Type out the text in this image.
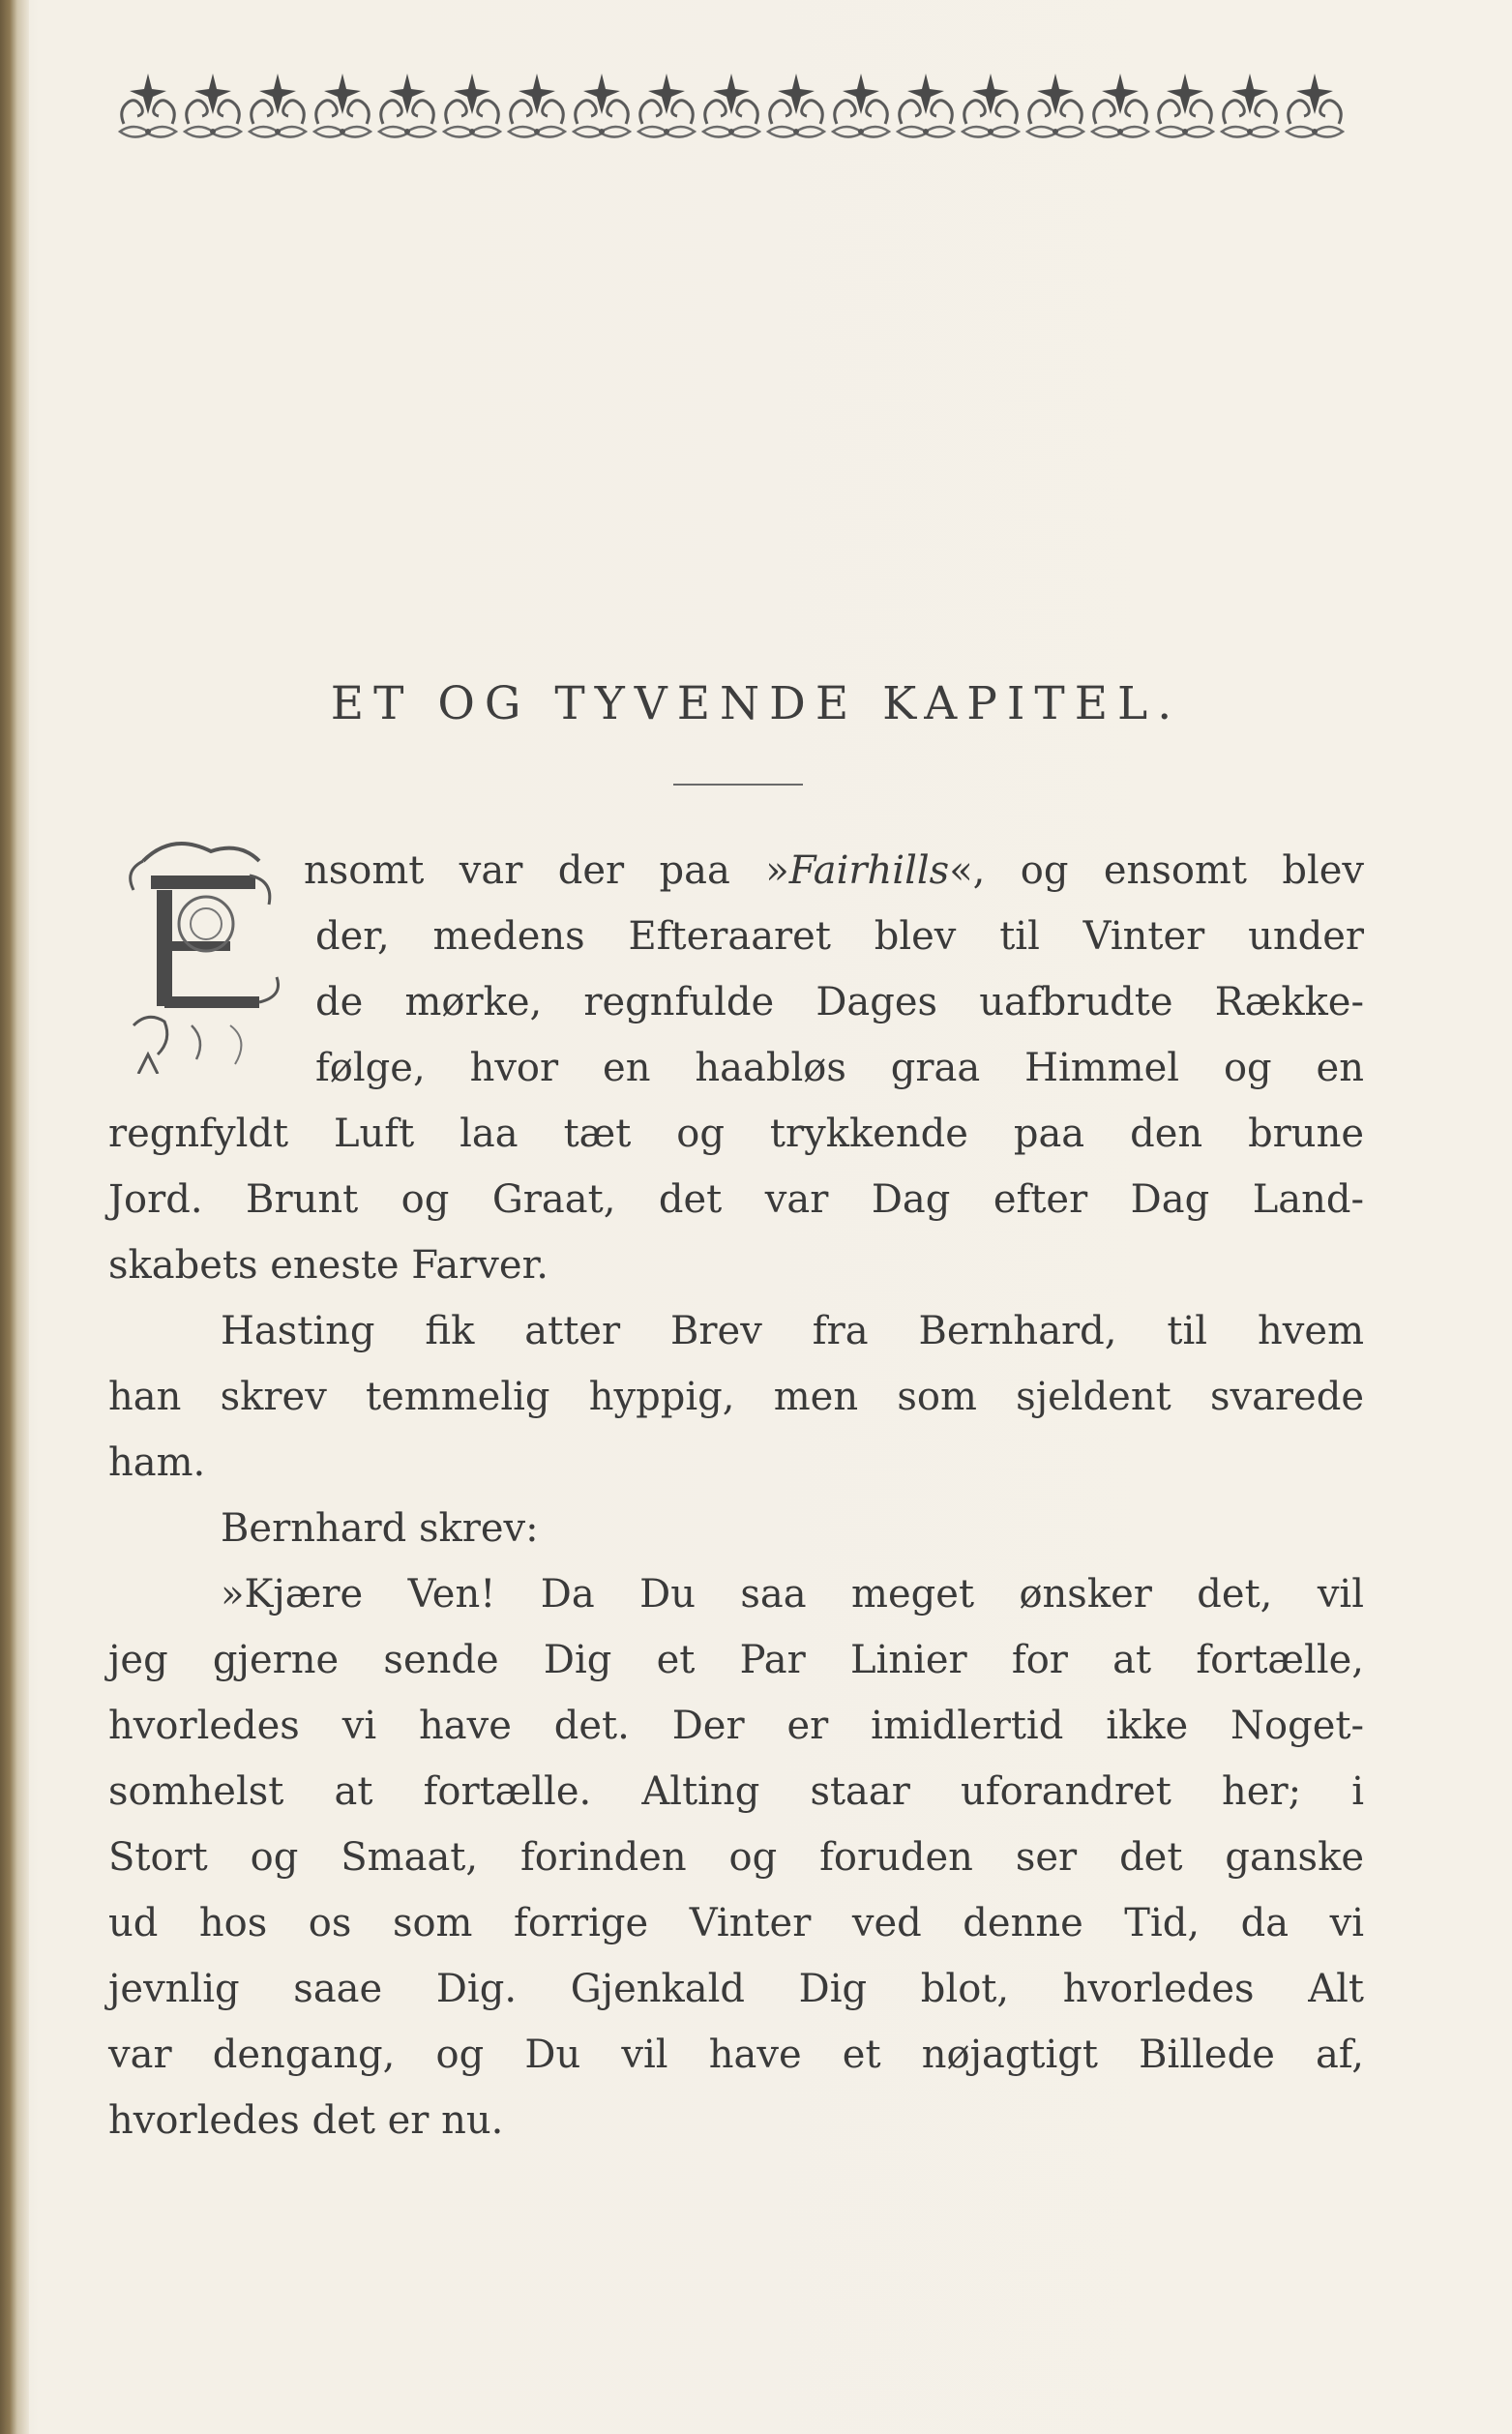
ET OG TYVENDE KAPITEL.
nsomt var der paa »Fairhills«, og ensomt blev
der, medens Efteraaret blev til Vinter under
de mørke, regnfulde Dages uafbrudte Række-
følge, hvor en haabløs graa Himmel og en
regnfyldt Luft laa tæt og trykkende paa den brune
Jord. Brunt og Graat, det var Dag efter Dag Land-
skabets eneste Farver.
Hasting fik atter Brev fra Bernhard, til hvem
han skrev temmelig hyppig, men som sjeldent svarede
ham.
Bernhard skrev:
»Kjære Ven! Da Du saa meget ønsker det, vil
jeg gjerne sende Dig et Par Linier for at fortælle,
hvorledes vi have det. Der er imidlertid ikke Noget-
somhelst at fortælle. Alting staar uforandret her; i
Stort og Smaat, forinden og foruden ser det ganske
ud hos os som forrige Vinter ved denne Tid, da vi
jevnlig saae Dig. Gjenkald Dig blot, hvorledes Alt
var dengang, og Du vil have et nøjagtigt Billede af,
hvorledes det er nu.
